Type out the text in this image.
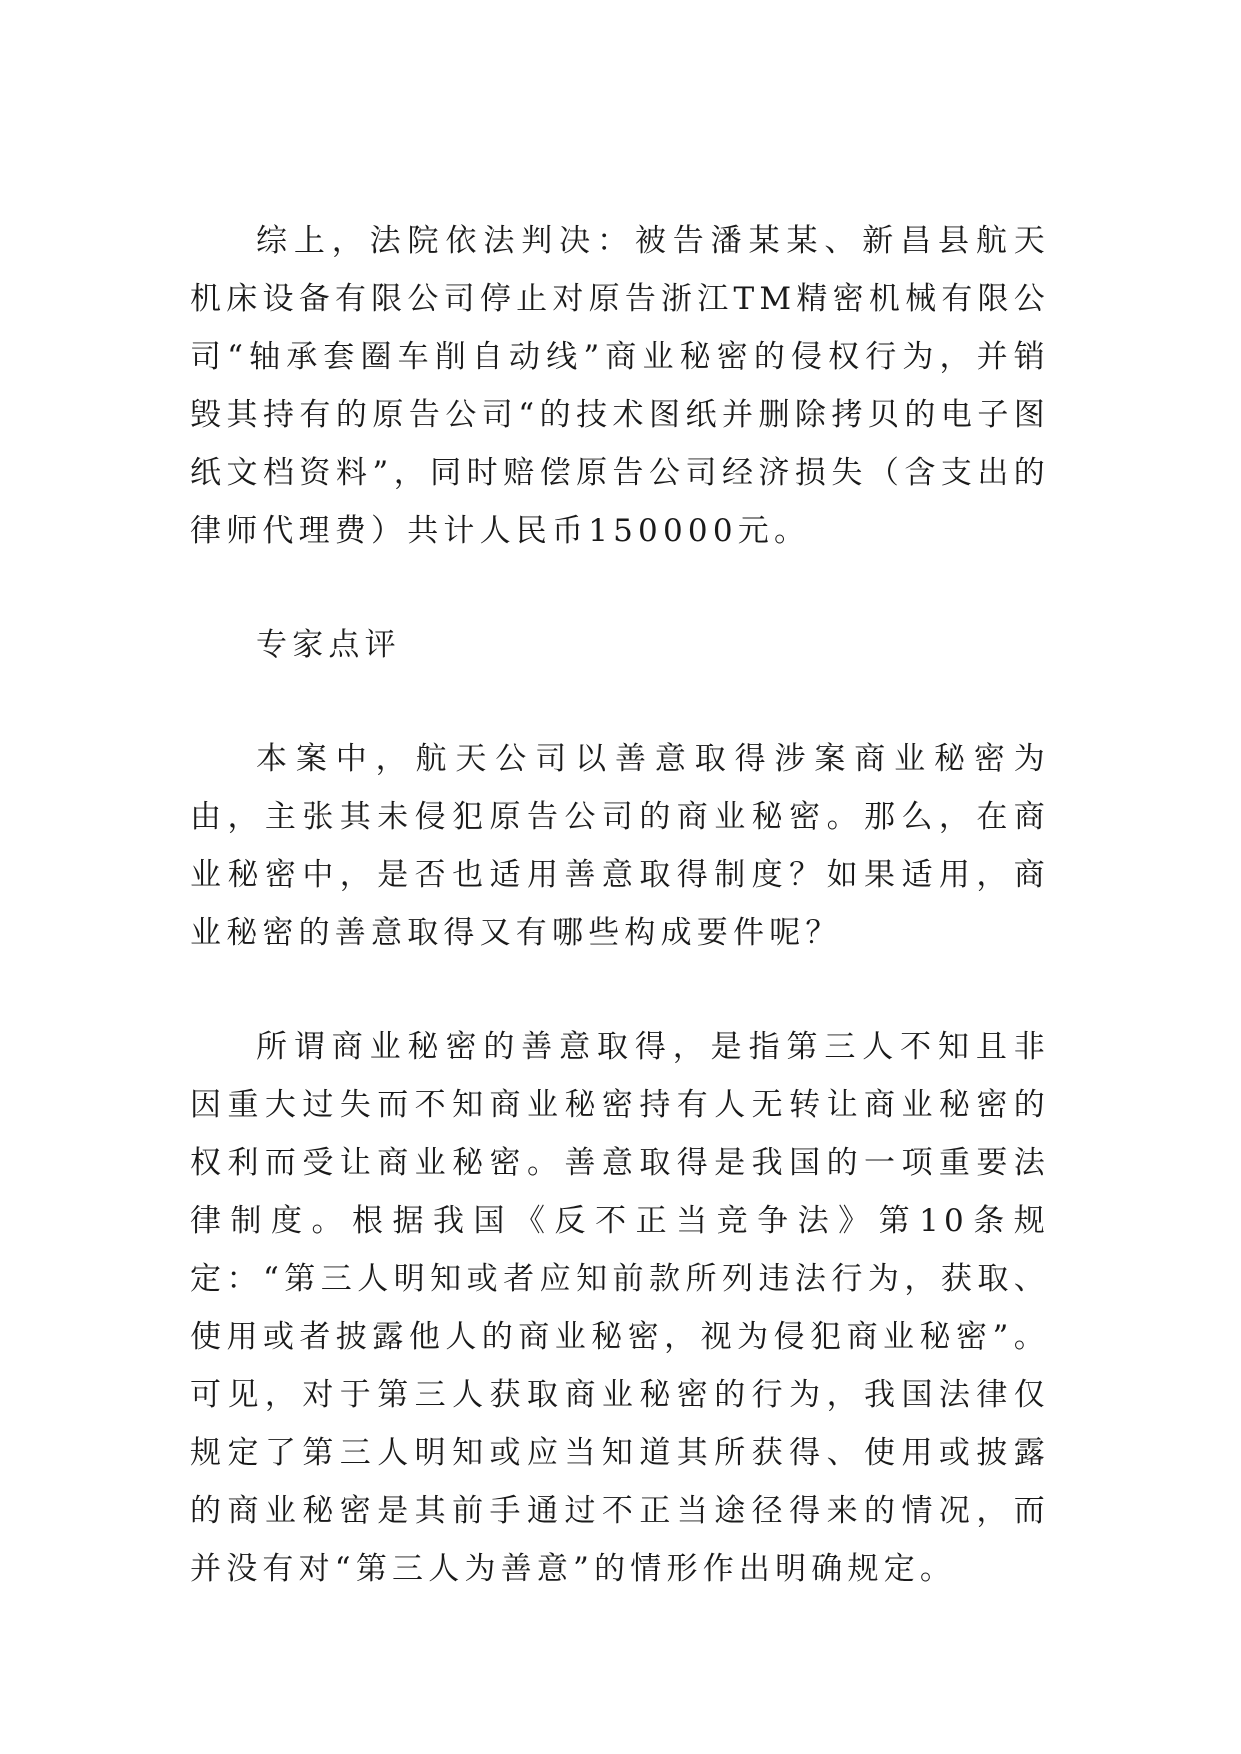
综上，法院依法判决：被告潘某某、新昌县航天机床设备有限公司停止对原告浙江TM精密机械有限公司“轴承套圈车削自动线”商业秘密的侵权行为，并销毁其持有的原告公司“的技术图纸并删除拷贝的电子图纸文档资料”，同时赔偿原告公司经济损失（含支出的律师代理费）共计人民币150000元。

专家点评

本案中，航天公司以善意取得涉案商业秘密为由，主张其未侵犯原告公司的商业秘密。那么，在商业秘密中，是否也适用善意取得制度？如果适用，商业秘密的善意取得又有哪些构成要件呢？

所谓商业秘密的善意取得，是指第三人不知且非因重大过失而不知商业秘密持有人无转让商业秘密的权利而受让商业秘密。善意取得是我国的一项重要法律制度。根据我国《反不正当竞争法》第10条规定：“第三人明知或者应知前款所列违法行为，获取、使用或者披露他人的商业秘密，视为侵犯商业秘密”。可见，对于第三人获取商业秘密的行为，我国法律仅规定了第三人明知或应当知道其所获得、使用或披露的商业秘密是其前手通过不正当途径得来的情况，而并没有对“第三人为善意”的情形作出明确规定。
